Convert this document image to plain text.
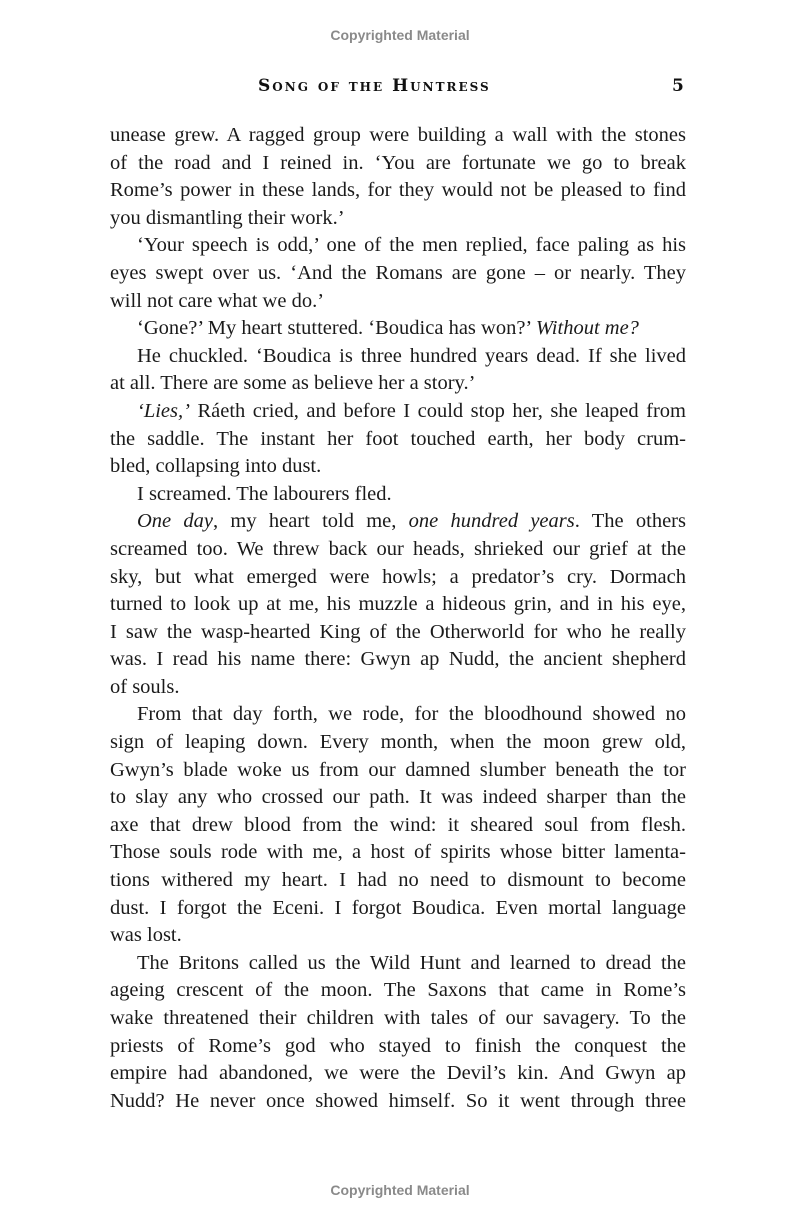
Copyrighted Material
Song of the Huntress	5
unease grew. A ragged group were building a wall with the stones
of the road and I reined in. ‘You are fortunate we go to break
Rome’s power in these lands, for they would not be pleased to find
you dismantling their work.’
‘Your speech is odd,’ one of the men replied, face paling as his
eyes swept over us. ‘And the Romans are gone – or nearly. They
will not care what we do.’
‘Gone?’ My heart stuttered. ‘Boudica has won?’ Without me?
He chuckled. ‘Boudica is three hundred years dead. If she lived
at all. There are some as believe her a story.’
‘Lies,’ Ráeth cried, and before I could stop her, she leaped from
the saddle. The instant her foot touched earth, her body crum-
bled, collapsing into dust.
I screamed. The labourers fled.
One day, my heart told me, one hundred years. The others
screamed too. We threw back our heads, shrieked our grief at the
sky, but what emerged were howls; a predator’s cry. Dormach
turned to look up at me, his muzzle a hideous grin, and in his eye,
I saw the wasp-hearted King of the Otherworld for who he really
was. I read his name there: Gwyn ap Nudd, the ancient shepherd
of souls.
From that day forth, we rode, for the bloodhound showed no
sign of leaping down. Every month, when the moon grew old,
Gwyn’s blade woke us from our damned slumber beneath the tor
to slay any who crossed our path. It was indeed sharper than the
axe that drew blood from the wind: it sheared soul from flesh.
Those souls rode with me, a host of spirits whose bitter lamenta-
tions withered my heart. I had no need to dismount to become
dust. I forgot the Eceni. I forgot Boudica. Even mortal language
was lost.
The Britons called us the Wild Hunt and learned to dread the
ageing crescent of the moon. The Saxons that came in Rome’s
wake threatened their children with tales of our savagery. To the
priests of Rome’s god who stayed to finish the conquest the
empire had abandoned, we were the Devil’s kin. And Gwyn ap
Nudd? He never once showed himself. So it went through three
Copyrighted Material
